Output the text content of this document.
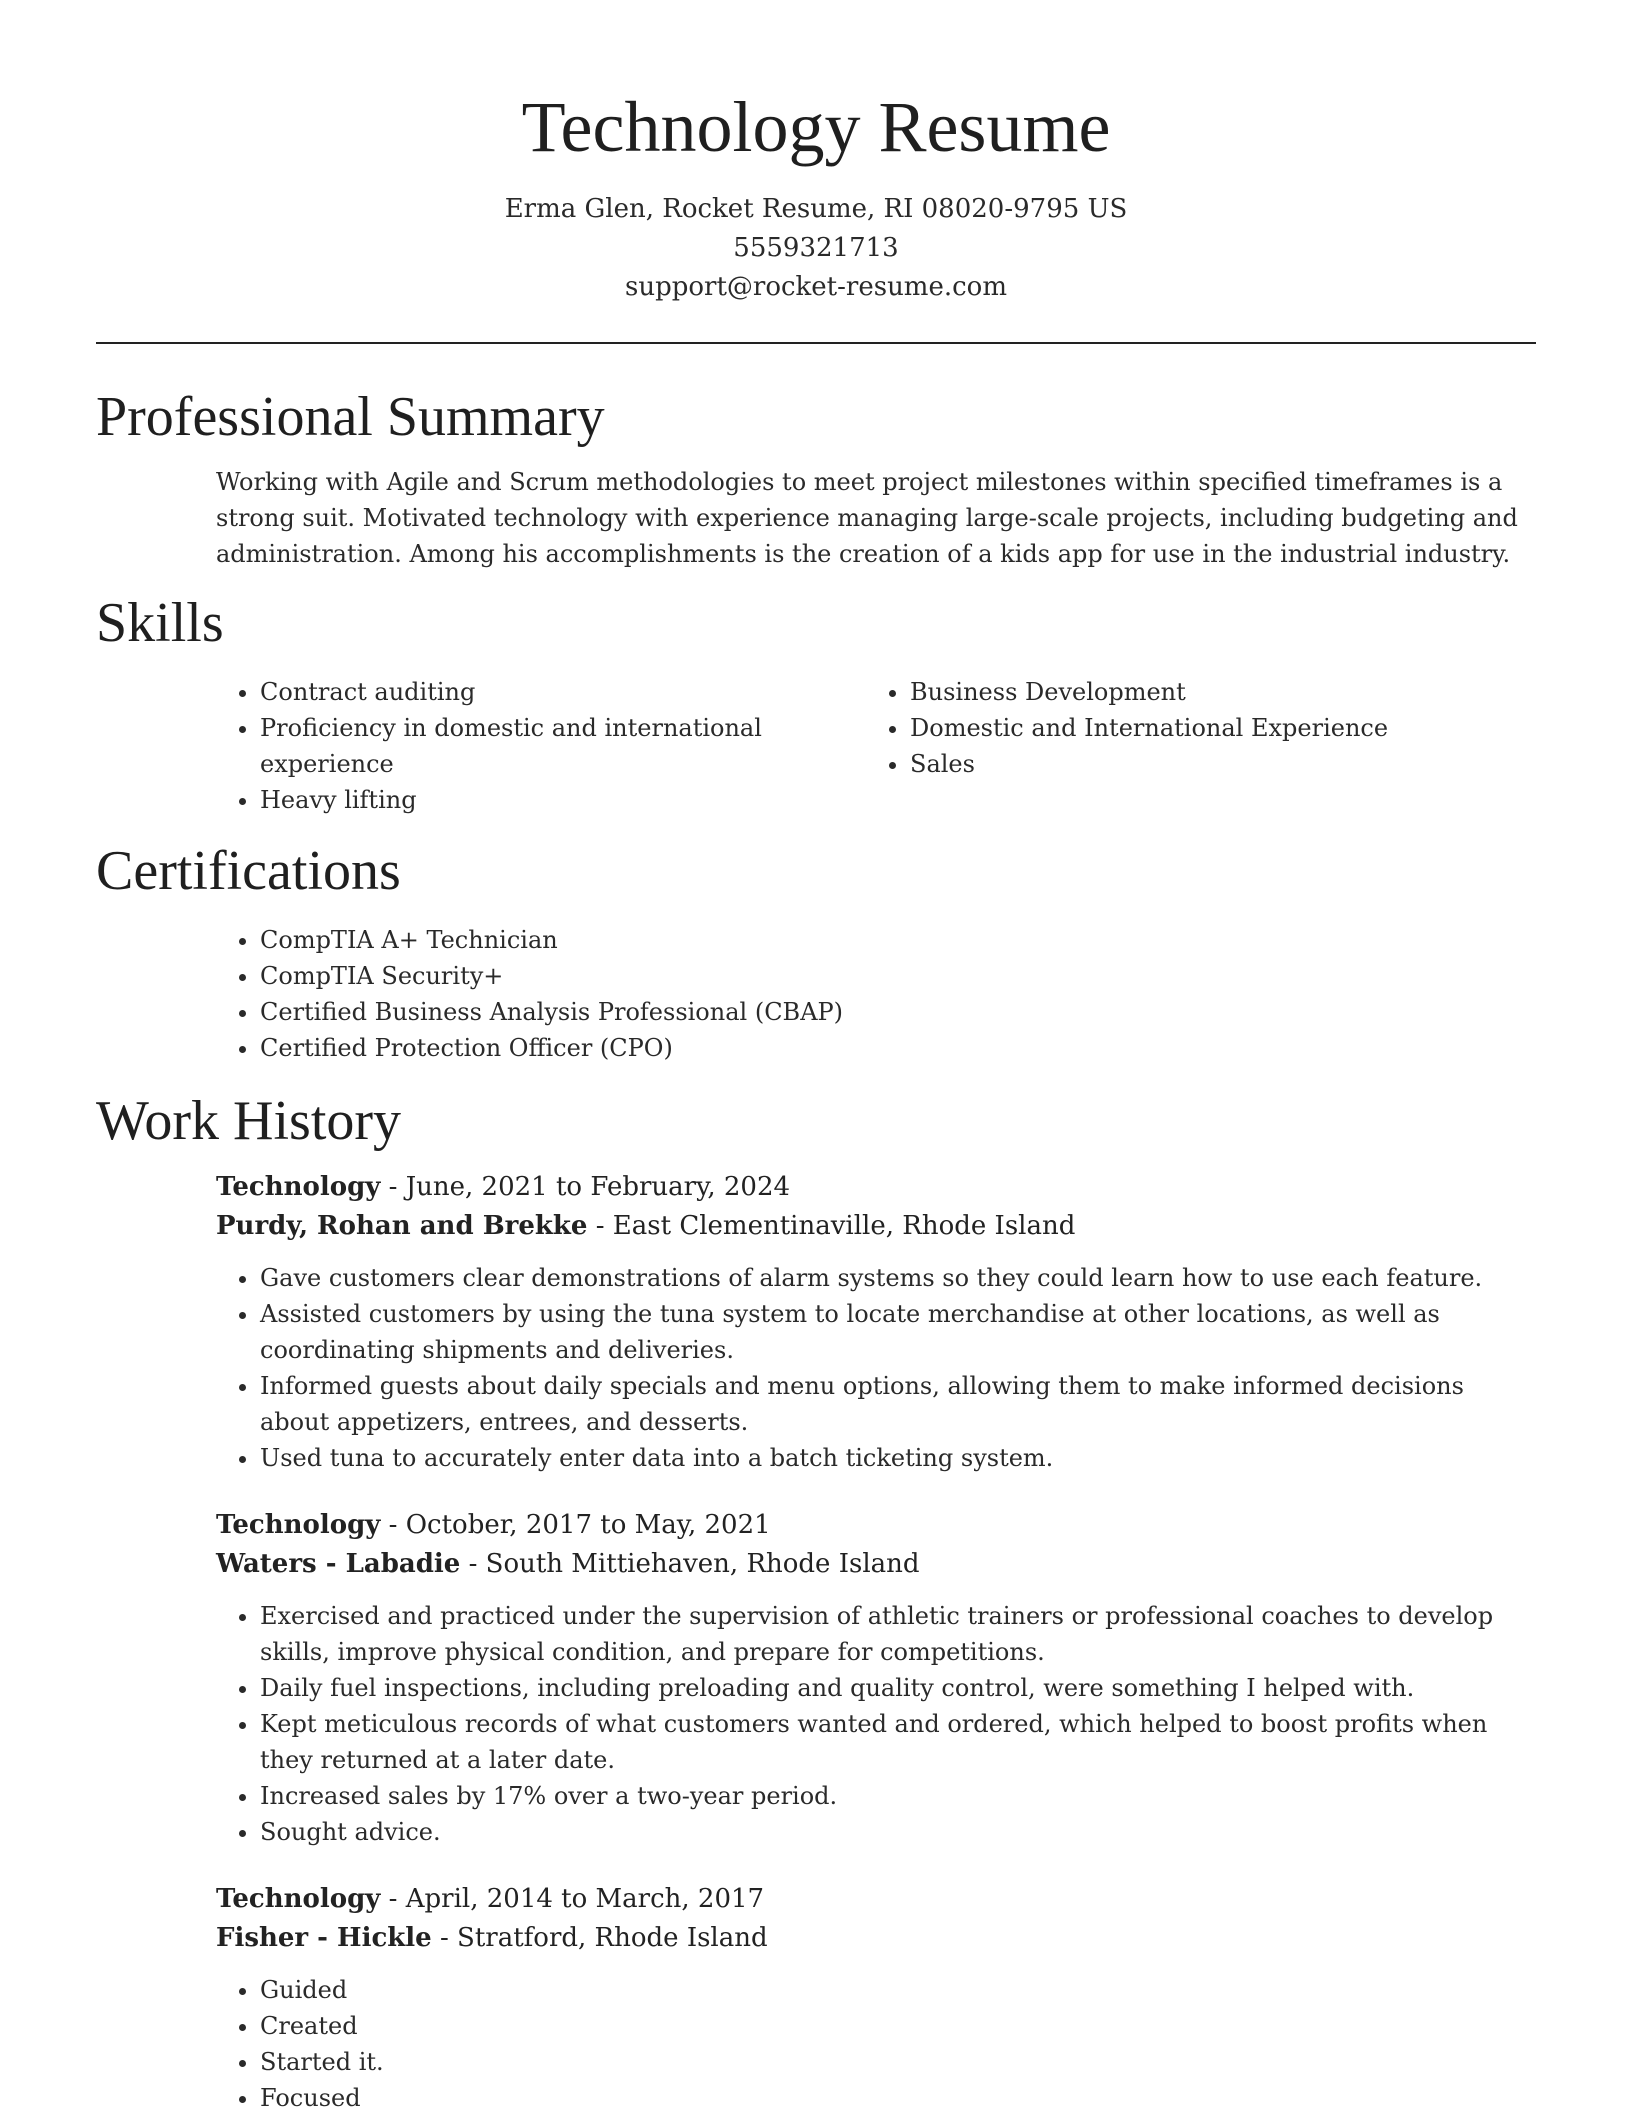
Technology Resume
Erma Glen, Rocket Resume, RI 08020-9795 US
5559321713
support@rocket-resume.com
Professional Summary

Working with Agile and Scrum methodologies to meet project milestones within specified timeframes is a strong suit. Motivated technology with experience managing large-scale projects, including budgeting and administration. Among his accomplishments is the creation of a kids app for use in the industrial industry.

Skills
• Contract auditing
• Proficiency in domestic and international experience
• Heavy lifting
• Business Development
• Domestic and International Experience
• Sales
Certifications
• CompTIA A+ Technician
• CompTIA Security+
• Certified Business Analysis Professional (CBAP)
• Certified Protection Officer (CPO)
Work History
Technology - June, 2021 to February, 2024
Purdy, Rohan and Brekke - East Clementinaville, Rhode Island
• Gave customers clear demonstrations of alarm systems so they could learn how to use each feature.
• Assisted customers by using the tuna system to locate merchandise at other locations, as well as coordinating shipments and deliveries.
• Informed guests about daily specials and menu options, allowing them to make informed decisions about appetizers, entrees, and desserts.
• Used tuna to accurately enter data into a batch ticketing system.
Technology - October, 2017 to May, 2021
Waters - Labadie - South Mittiehaven, Rhode Island
• Exercised and practiced under the supervision of athletic trainers or professional coaches to develop skills, improve physical condition, and prepare for competitions.
• Daily fuel inspections, including preloading and quality control, were something I helped with.
• Kept meticulous records of what customers wanted and ordered, which helped to boost profits when they returned at a later date.
• Increased sales by 17% over a two-year period.
• Sought advice.
Technology - April, 2014 to March, 2017
Fisher - Hickle - Stratford, Rhode Island
• Guided
• Created
• Started it.
• Focused
